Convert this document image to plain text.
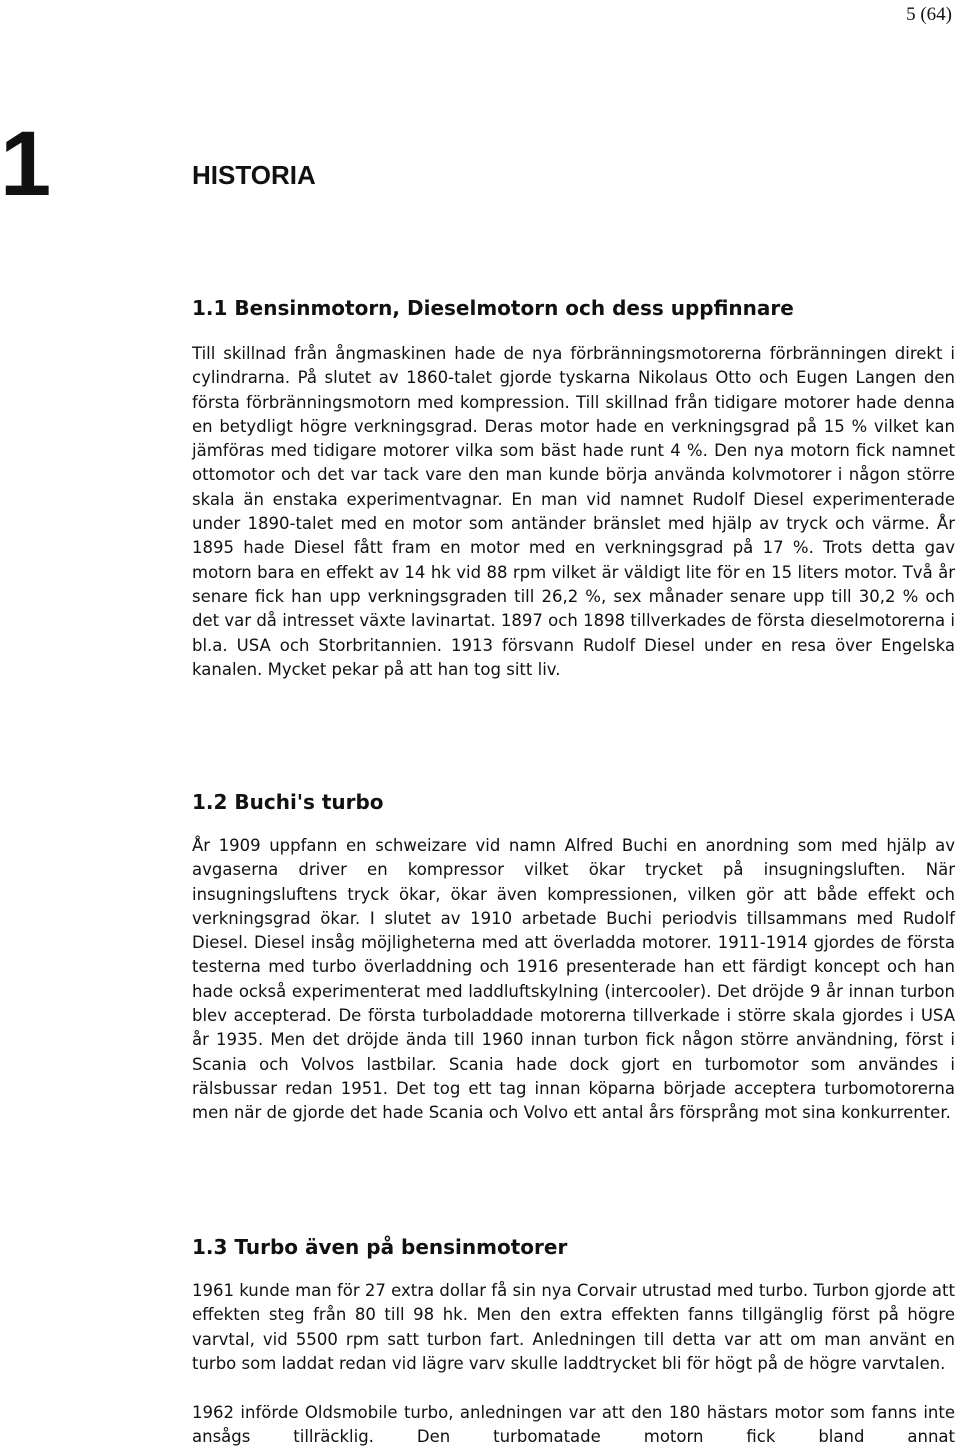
5 (64)
1	HISTORIA
1.1 Bensinmotorn, Dieselmotorn och dess uppfinnare

Till skillnad från ångmaskinen hade de nya förbränningsmotorerna förbränningen direkt i cylindrarna. På slutet av 1860-talet gjorde tyskarna Nikolaus Otto och Eugen Langen den första förbränningsmotorn med kompression. Till skillnad från tidigare motorer hade denna en betydligt högre verkningsgrad. Deras motor hade en verkningsgrad på 15 % vilket kan jämföras med tidigare motorer vilka som bäst hade runt 4 %. Den nya motorn fick namnet ottomotor och det var tack vare den man kunde börja använda kolvmotorer i någon större skala än enstaka experimentvagnar. En man vid namnet Rudolf Diesel experimenterade under 1890-talet med en motor som antänder bränslet med hjälp av tryck och värme. År 1895 hade Diesel fått fram en motor med en verkningsgrad på 17 %. Trots detta gav motorn bara en effekt av 14 hk vid 88 rpm vilket är väldigt lite för en 15 liters motor. Två år senare fick han upp verkningsgraden till 26,2 %, sex månader senare upp till 30,2 % och det var då intresset växte lavinartat. 1897 och 1898 tillverkades de första dieselmotorerna i bl.a. USA och Storbritannien. 1913 försvann Rudolf Diesel under en resa över Engelska kanalen. Mycket pekar på att han tog sitt liv.

1.2 Buchi's turbo

År 1909 uppfann en schweizare vid namn Alfred Buchi en anordning som med hjälp av avgaserna driver en kompressor vilket ökar trycket på insugningsluften. När insugningsluftens tryck ökar, ökar även kompressionen, vilken gör att både effekt och verkningsgrad ökar. I slutet av 1910 arbetade Buchi periodvis tillsammans med Rudolf Diesel. Diesel insåg möjligheterna med att överladda motorer. 1911-1914 gjordes de första testerna med turbo överladdning och 1916 presenterade han ett färdigt koncept och han hade också experimenterat med laddluftskylning (intercooler). Det dröjde 9 år innan turbon blev accepterad. De första turboladdade motorerna tillverkade i större skala gjordes i USA år 1935. Men det dröjde ända till 1960 innan turbon fick någon större användning, först i Scania och Volvos lastbilar. Scania hade dock gjort en turbomotor som användes i rälsbussar redan 1951. Det tog ett tag innan köparna började acceptera turbomotorerna men när de gjorde det hade Scania och Volvo ett antal års försprång mot sina konkurrenter.

1.3 Turbo även på bensinmotorer

1961 kunde man för 27 extra dollar få sin nya Corvair utrustad med turbo. Turbon gjorde att effekten steg från 80 till 98 hk. Men den extra effekten fanns tillgänglig först på högre varvtal, vid 5500 rpm satt turbon fart. Anledningen till detta var att om man använt en turbo som laddat redan vid lägre varv skulle laddtrycket bli för högt på de högre varvtalen.

1962 införde Oldsmobile turbo, anledningen var att den 180 hästars motor som fanns inte ansågs tillräcklig. Den turbomatade motorn fick bland annat
